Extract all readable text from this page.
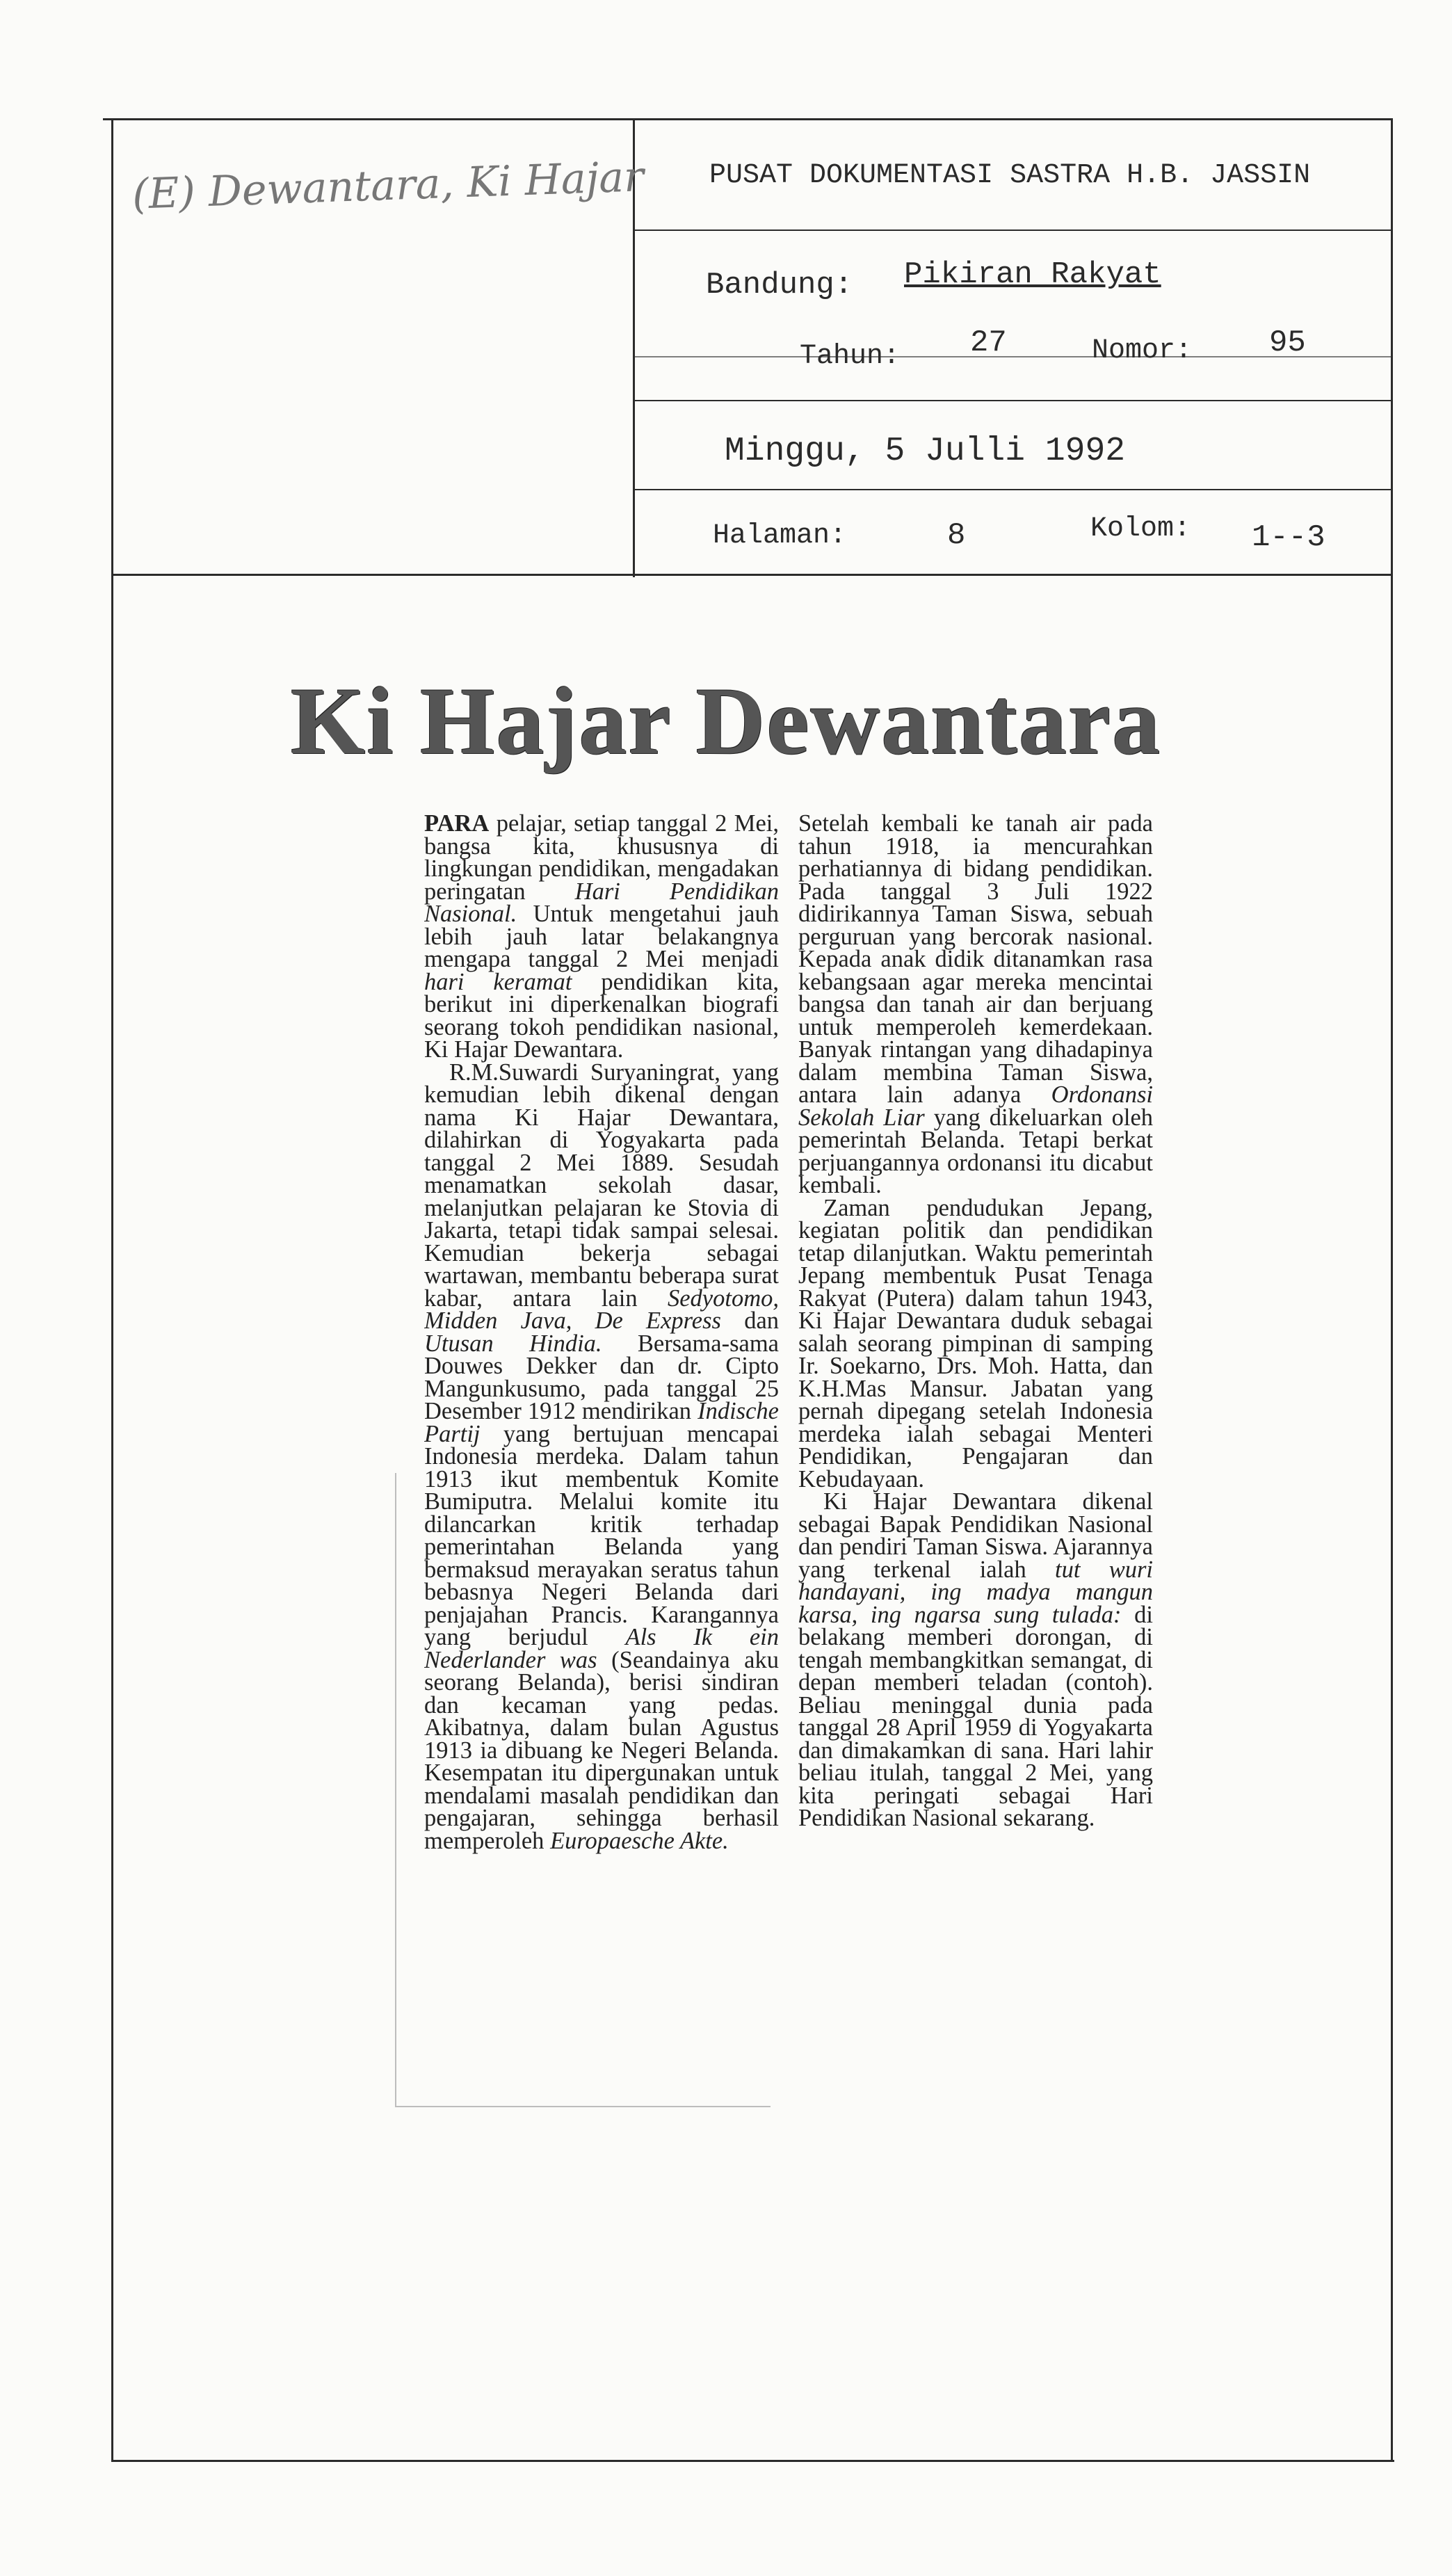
(E) Dewantara, Ki Hajar PUSAT DOKUMENTASI SASTRA H.B. JASSIN
Bandung: Pikiran Rakyat
Tahun: 27	Nomor:	95
Minggu, 5 Julli 1992
Halaman:	8	Kolom: 1--3
Ki Hajar Dewantara

PARA pelajar, setiap tanggal 2 Mei, bangsa kita, khususnya di lingkungan pendidikan, mengadakan peringatan Hari Pendidikan Nasional. Untuk mengetahui jauh lebih jauh latar belakangnya mengapa tanggal 2 Mei menjadi hari keramat pendidikan kita, berikut ini diperkenalkan biografi seorang tokoh pendidikan nasional, Ki Hajar Dewantara.

R.M.Suwardi Suryaningrat, yang kemudian lebih dikenal dengan nama Ki Hajar Dewantara, dilahirkan di Yogyakarta pada tanggal 2 Mei 1889. Sesudah menamatkan sekolah dasar, melanjutkan pelajaran ke Stovia di Jakarta, tetapi tidak sampai selesai. Kemudian bekerja sebagai wartawan, membantu beberapa surat kabar, antara lain Sedyotomo, Midden Java, De Express dan Utusan Hindia. Bersama-sama Douwes Dekker dan dr. Cipto Mangunkusumo, pada tanggal 25 Desember 1912 mendirikan Indische Partij yang bertujuan mencapai Indonesia merdeka. Dalam tahun 1913 ikut membentuk Komite Bumiputra. Melalui komite itu dilancarkan kritik terhadap pemerintahan Belanda yang bermaksud merayakan seratus tahun bebasnya Negeri Belanda dari penjajahan Prancis. Karangannya yang berjudul Als Ik ein Nederlander was (Seandainya aku seorang Belanda), berisi sindiran dan kecaman yang pedas. Akibatnya, dalam bulan Agustus 1913 ia dibuang ke Negeri Belanda. Kesempatan itu dipergunakan untuk mendalami masalah pendidikan dan pengajaran, sehingga berhasil memperoleh Europaesche Akte.

Setelah kembali ke tanah air pada tahun 1918, ia mencurahkan perhatiannya di bidang pendidikan. Pada tanggal 3 Juli 1922 didirikannya Taman Siswa, sebuah perguruan yang bercorak nasional. Kepada anak didik ditanamkan rasa kebangsaan agar mereka mencintai bangsa dan tanah air dan berjuang untuk memperoleh kemerdekaan. Banyak rintangan yang dihadapinya dalam membina Taman Siswa, antara lain adanya Ordonansi Sekolah Liar yang dikeluarkan oleh pemerintah Belanda. Tetapi berkat perjuangannya ordonansi itu dicabut kembali.

Zaman pendudukan Jepang, kegiatan politik dan pendidikan tetap dilanjutkan. Waktu pemerintah Jepang membentuk Pusat Tenaga Rakyat (Putera) dalam tahun 1943, Ki Hajar Dewantara duduk sebagai salah seorang pimpinan di samping Ir. Soekarno, Drs. Moh. Hatta, dan K.H.Mas Mansur. Jabatan yang pernah dipegang setelah Indonesia merdeka ialah sebagai Menteri Pendidikan, Pengajaran dan Kebudayaan.

Ki Hajar Dewantara dikenal sebagai Bapak Pendidikan Nasional dan pendiri Taman Siswa. Ajarannya yang terkenal ialah tut wuri handayani, ing madya mangun karsa, ing ngarsa sung tulada: di belakang memberi dorongan, di tengah membangkitkan semangat, di depan memberi teladan (contoh). Beliau meninggal dunia pada tanggal 28 April 1959 di Yogyakarta dan dimakamkan di sana. Hari lahir beliau itulah, tanggal 2 Mei, yang kita peringati sebagai Hari Pendidikan Nasional sekarang.
